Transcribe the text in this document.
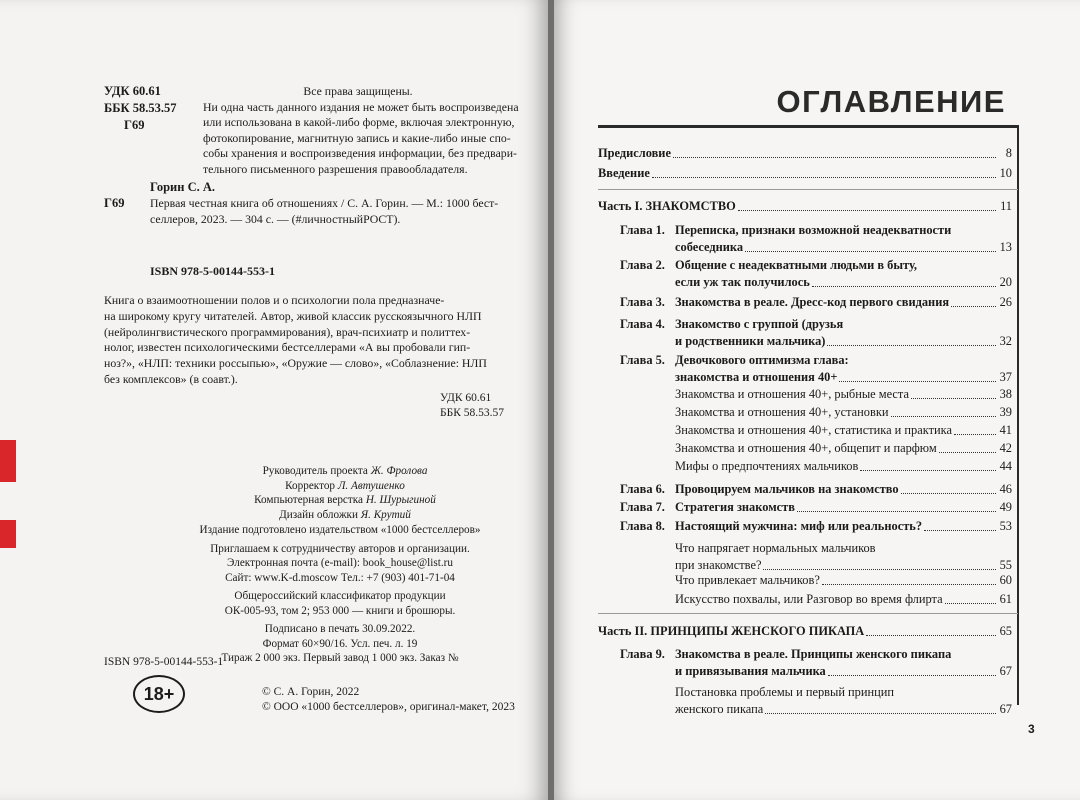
УДК 60.61
ББК 58.53.57
Г69
Все права защищены.
Ни одна часть данного издания не может быть воспроизведена
или использована в какой-либо форме, включая электронную,
фотокопирование, магнитную запись и какие-либо иные спо-
собы хранения и воспроизведения информации, без предвари-
тельного письменного разрешения правообладателя.
Горин С. А.
Г69 Первая честная книга об отношениях / С. А. Горин. — М.: 1000 бест-
селлеров, 2023. — 304 с. — (#личностныйРОСТ).
ISBN 978-5-00144-553-1
Книга о взаимоотношении полов и о психологии пола предназначе-
на широкому кругу читателей. Автор, живой классик русскоязычного НЛП
(нейролингвистического программирования), врач-психиатр и политтех-
нолог, известен психологическими бестселлерами «А вы пробовали гип-
ноз?», «НЛП: техники россыпью», «Оружие — слово», «Соблазнение: НЛП
без комплексов» (в соавт.).
УДК 60.61
ББК 58.53.57
Руководитель проекта Ж. Фролова
Корректор Л. Автушенко
Компьютерная верстка Н. Шурыгиной
Дизайн обложки Я. Крутий
Издание подготовлено издательством «1000 бестселлеров»
Приглашаем к сотрудничеству авторов и организации.
Электронная почта (e-mail): book_house@list.ru
Сайт: www.K-d.moscow Тел.: +7 (903) 401-71-04
Общероссийский классификатор продукции
ОК-005-93, том 2; 953 000 — книги и брошюры.
Подписано в печать 30.09.2022.
Формат 60×90/16. Усл. печ. л. 19
Тираж 2 000 экз. Первый завод 1 000 экз. Заказ №
ISBN 978-5-00144-553-1
18+	© С. А. Горин, 2022
© ООО «1000 бестселлеров», оригинал-макет, 2023
ОГЛАВЛЕНИЕ
Предисловие	8
Введение	10
Часть I. ЗНАКОМСТВО	11
Глава 1. Переписка, признаки возможной неадекватности
собеседника	13
Глава 2. Общение с неадекватными людьми в быту,
если уж так получилось	20
Глава 3. Знакомства в реале. Дресс-код первого свидания	26
Глава 4. Знакомство с группой (друзья
и родственники мальчика)	32
Глава 5. Девочкового оптимизма глава:
знакомства и отношения 40+	37
Знакомства и отношения 40+, рыбные места	38
Знакомства и отношения 40+, установки	39
Знакомства и отношения 40+, статистика и практика	41
Знакомства и отношения 40+, общепит и парфюм	42
Мифы о предпочтениях мальчиков	44
Глава 6. Провоцируем мальчиков на знакомство	46
Глава 7. Стратегия знакомств	49
Глава 8. Настоящий мужчина: миф или реальность?	53
Что напрягает нормальных мальчиков
при знакомстве?	55
Что привлекает мальчиков?	60
Искусство похвалы, или Разговор во время флирта	61
Часть II. ПРИНЦИПЫ ЖЕНСКОГО ПИКАПА	65
Глава 9. Знакомства в реале. Принципы женского пикапа
и привязывания мальчика	67
Постановка проблемы и первый принцип
женского пикапа	67
3
